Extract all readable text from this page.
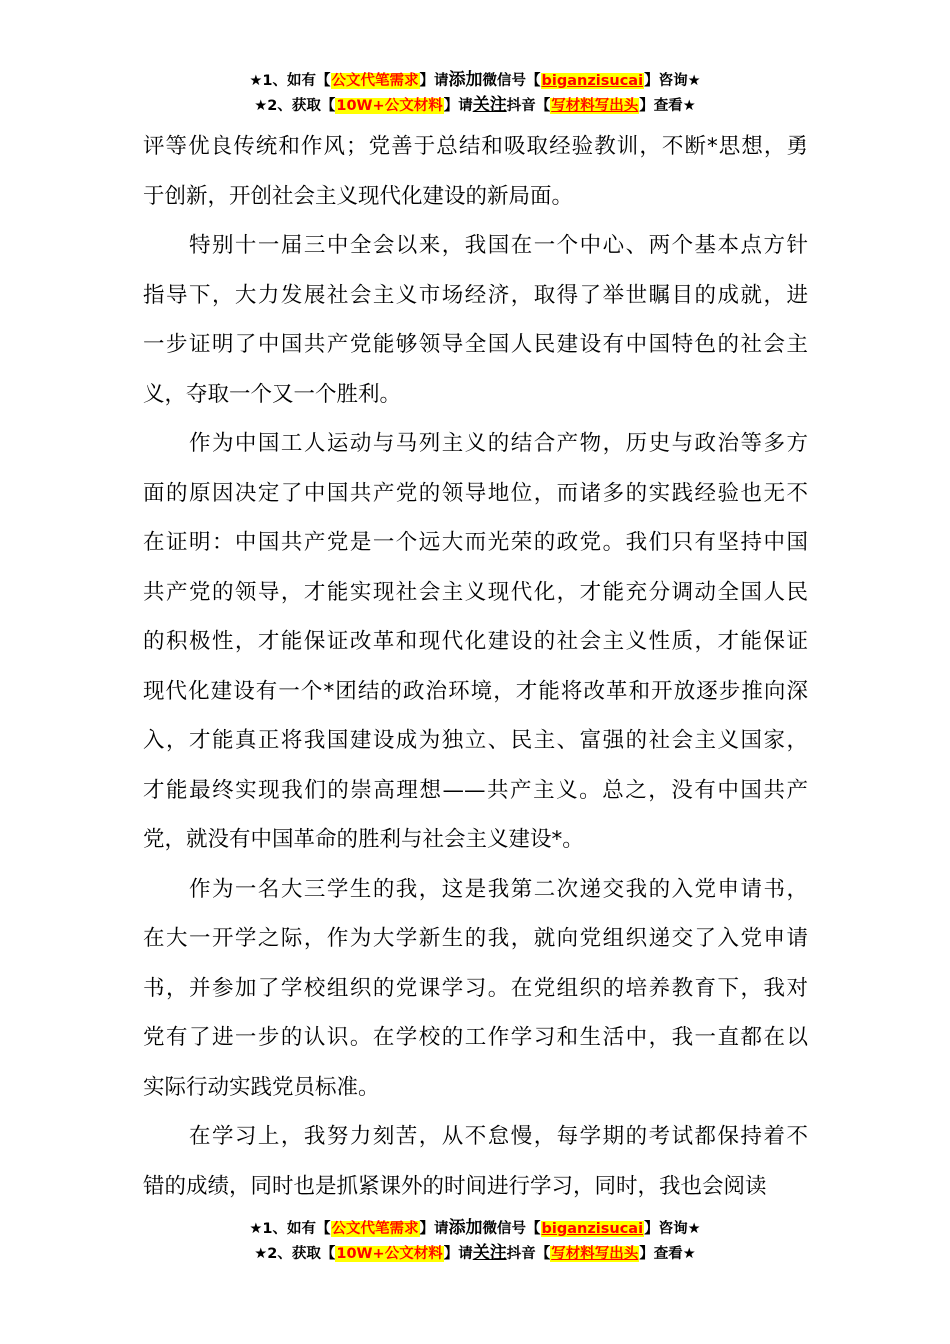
★1、如有【公文代笔需求】请添加微信号【biganzisucai】咨询★
★2、获取【10W+公文材料】请关注抖音【写材料写出头】查看★
评等优良传统和作风；党善于总结和吸取经验教训，不断*思想，勇
于创新，开创社会主义现代化建设的新局面。
　　特别十一届三中全会以来，我国在一个中心、两个基本点方针
指导下，大力发展社会主义市场经济，取得了举世瞩目的成就，进
一步证明了中国共产党能够领导全国人民建设有中国特色的社会主
义，夺取一个又一个胜利。
　　作为中国工人运动与马列主义的结合产物，历史与政治等多方
面的原因决定了中国共产党的领导地位，而诸多的实践经验也无不
在证明：中国共产党是一个远大而光荣的政党。我们只有坚持中国
共产党的领导，才能实现社会主义现代化，才能充分调动全国人民
的积极性，才能保证改革和现代化建设的社会主义性质，才能保证
现代化建设有一个*团结的政治环境，才能将改革和开放逐步推向深
入，才能真正将我国建设成为独立、民主、富强的社会主义国家，
才能最终实现我们的崇高理想——共产主义。总之，没有中国共产
党，就没有中国革命的胜利与社会主义建设*。
　　作为一名大三学生的我，这是我第二次递交我的入党申请书，
在大一开学之际，作为大学新生的我，就向党组织递交了入党申请
书，并参加了学校组织的党课学习。在党组织的培养教育下，我对
党有了进一步的认识。在学校的工作学习和生活中，我一直都在以
实际行动实践党员标准。
　　在学习上，我努力刻苦，从不怠慢，每学期的考试都保持着不
错的成绩，同时也是抓紧课外的时间进行学习，同时，我也会阅读
★1、如有【公文代笔需求】请添加微信号【biganzisucai】咨询★
★2、获取【10W+公文材料】请关注抖音【写材料写出头】查看★
